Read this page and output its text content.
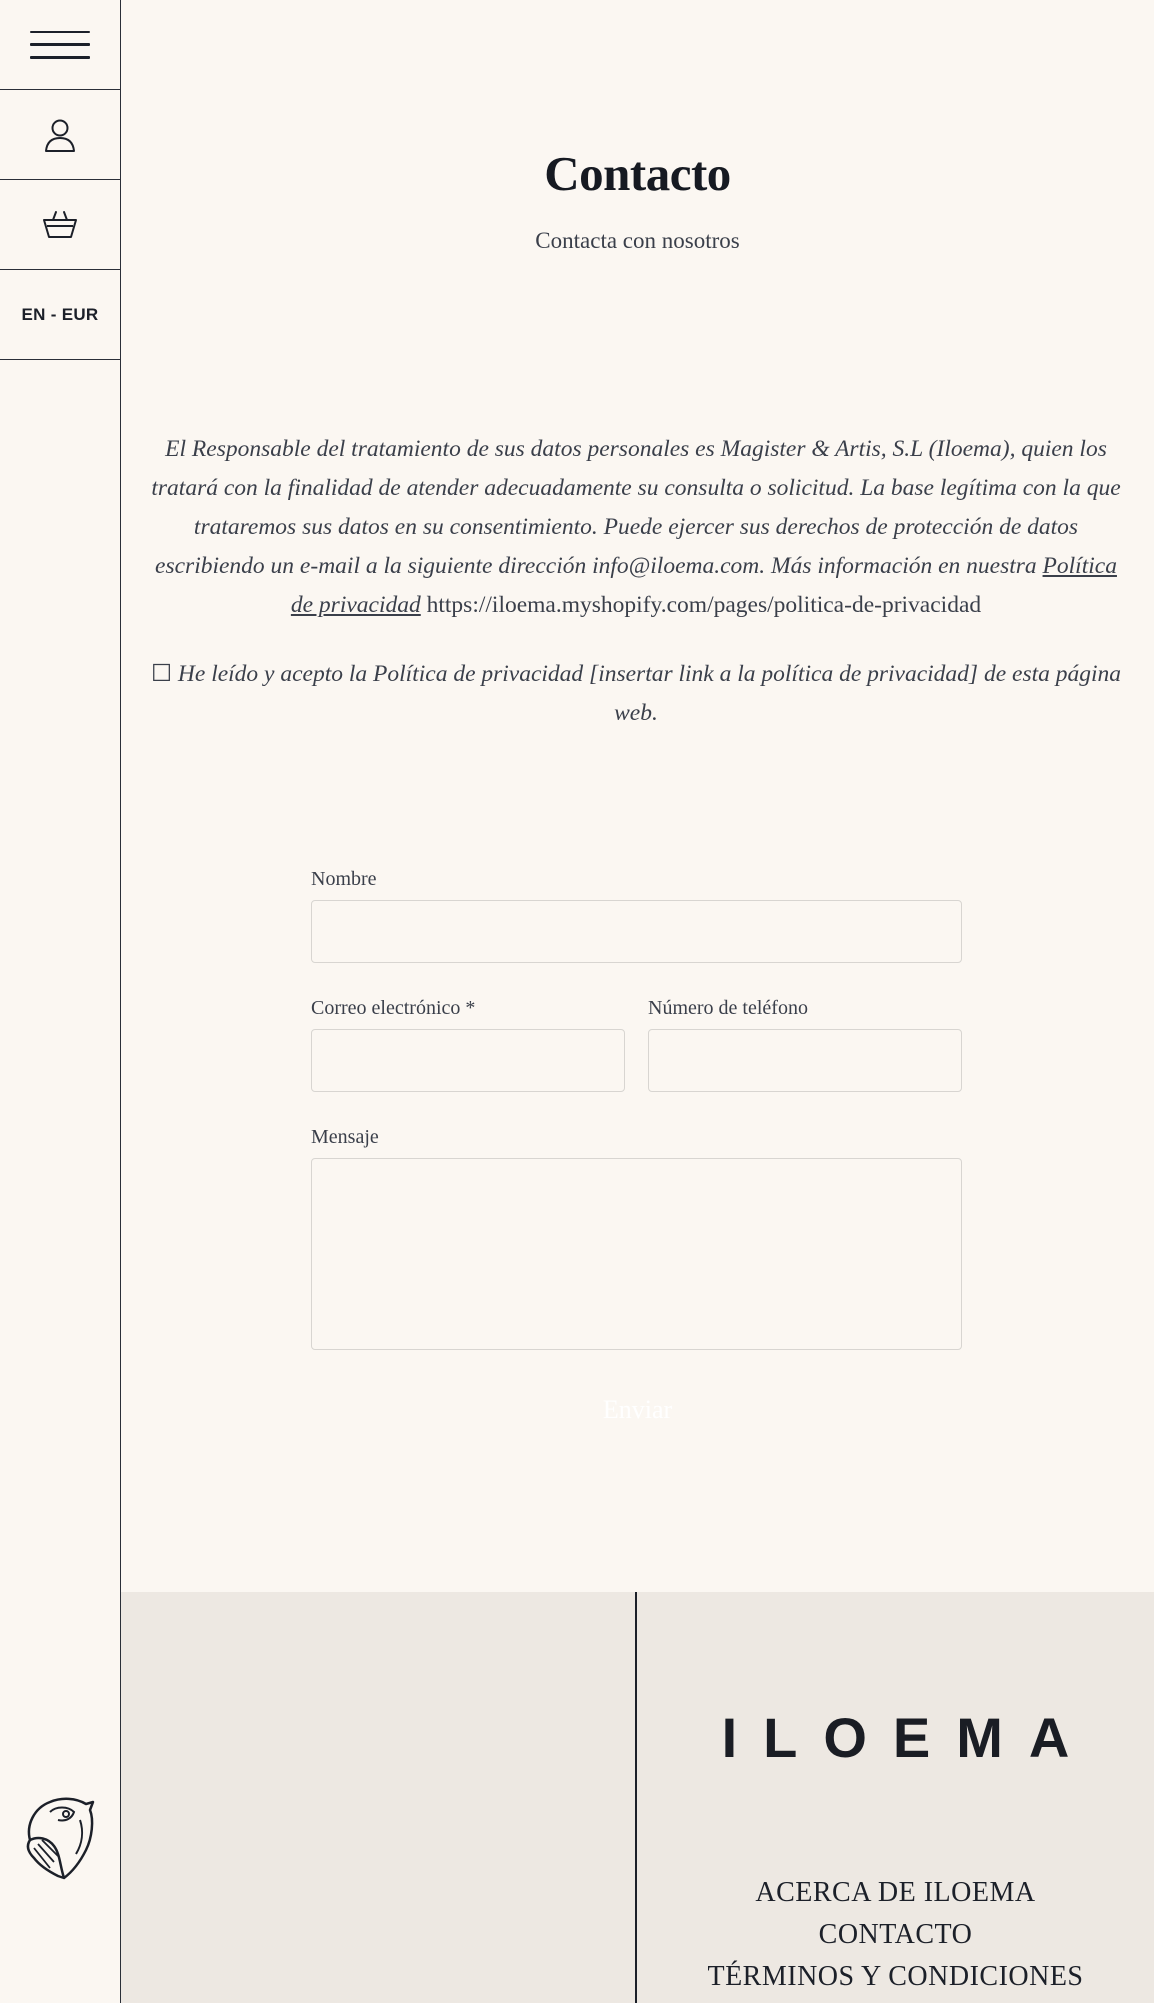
EN - EUR
Contacto

Contacta con nosotros

El Responsable del tratamiento de sus datos personales es Magister & Artis, S.L (Iloema), quien los tratará con la finalidad de atender adecuadamente su consulta o solicitud. La base legítima con la que trataremos sus datos en su consentimiento. Puede ejercer sus derechos de protección de datos escribiendo un e-mail a la siguiente dirección info@iloema.com. Más información en nuestra Política de privacidad https://iloema.myshopify.com/pages/politica-de-privacidad

☐ He leído y acepto la Política de privacidad [insertar link a la política de privacidad] de esta página web.

Nombre
Correo electrónico *	Número de teléfono
Mensaje
Enviar
ILOEMA
ACERCA DE ILOEMA
CONTACTO
TÉRMINOS Y CONDICIONES
